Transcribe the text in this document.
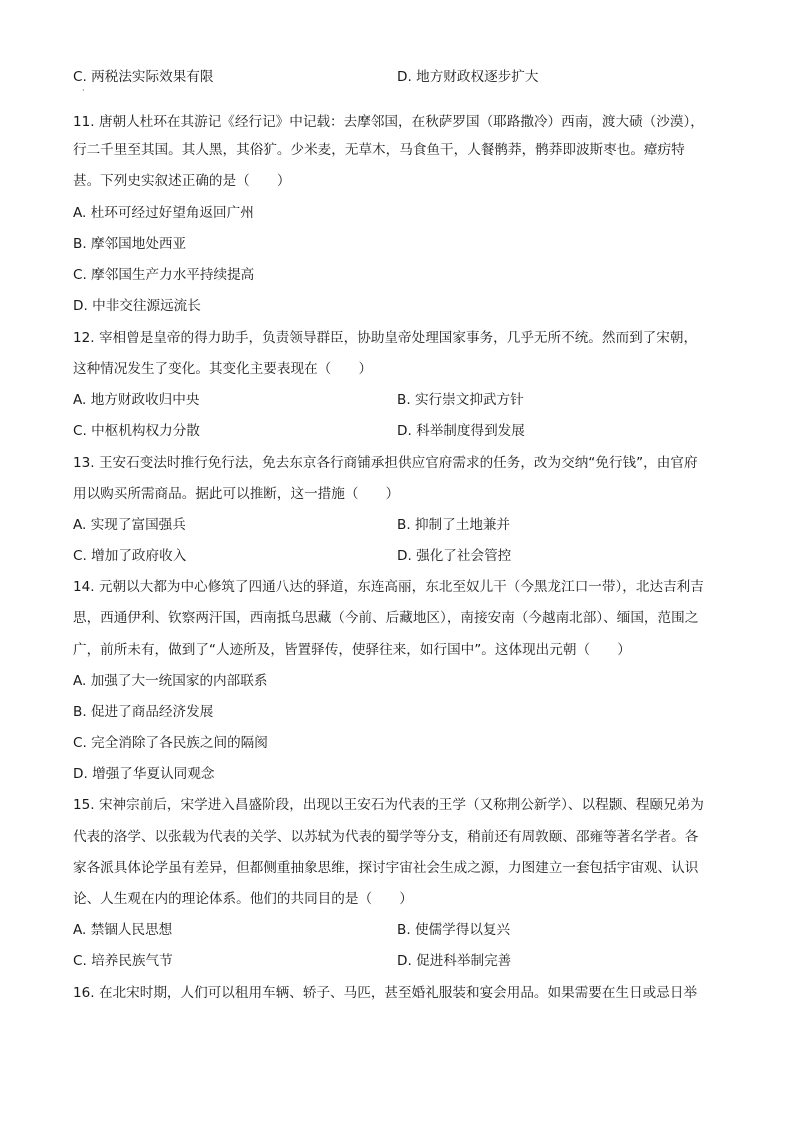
C. 两税法实际效果有限	D. 地方财政权逐步扩大
·
11. 唐朝人杜环在其游记《经行记》中记载：去摩邻国，在秋萨罗国（耶路撒冷）西南，渡大碛（沙漠），
行二千里至其国。其人黑，其俗犷。少米麦，无草木，马食鱼干，人餐鹘莽，鹘莽即波斯枣也。瘴疠特
甚。下列史实叙述正确的是（　　）
A. 杜环可经过好望角返回广州
B. 摩邻国地处西亚
C. 摩邻国生产力水平持续提高
D. 中非交往源远流长
12. 宰相曾是皇帝的得力助手，负责领导群臣，协助皇帝处理国家事务，几乎无所不统。然而到了宋朝，
这种情况发生了变化。其变化主要表现在（　　）
A. 地方财政收归中央	B. 实行崇文抑武方针
C. 中枢机构权力分散	D. 科举制度得到发展
13. 王安石变法时推行免行法，免去东京各行商铺承担供应官府需求的任务，改为交纳“免行钱”，由官府
用以购买所需商品。据此可以推断，这一措施（　　）
A. 实现了富国强兵	B. 抑制了土地兼并
C. 增加了政府收入	D. 强化了社会管控
14. 元朝以大都为中心修筑了四通八达的驿道，东连高丽，东北至奴儿干（今黑龙江口一带），北达吉利吉
思，西通伊利、钦察两汗国，西南抵乌思藏（今前、后藏地区），南接安南（今越南北部）、缅国，范围之
广，前所未有，做到了“人迹所及，皆置驿传，使驿往来，如行国中”。这体现出元朝（　　）
A. 加强了大一统国家的内部联系
B. 促进了商品经济发展
C. 完全消除了各民族之间的隔阂
D. 增强了华夏认同观念
15. 宋神宗前后，宋学进入昌盛阶段，出现以王安石为代表的王学（又称荆公新学）、以程颢、程颐兄弟为
代表的洛学、以张载为代表的关学、以苏轼为代表的蜀学等分支，稍前还有周敦颐、邵雍等著名学者。各
家各派具体论学虽有差异，但都侧重抽象思维，探讨宇宙社会生成之源，力图建立一套包括宇宙观、认识
论、人生观在内的理论体系。他们的共同目的是（　　）
A. 禁锢人民思想	B. 使儒学得以复兴
C. 培养民族气节	D. 促进科举制完善
16. 在北宋时期，人们可以租用车辆、轿子、马匹，甚至婚礼服装和宴会用品。如果需要在生日或忌日举
